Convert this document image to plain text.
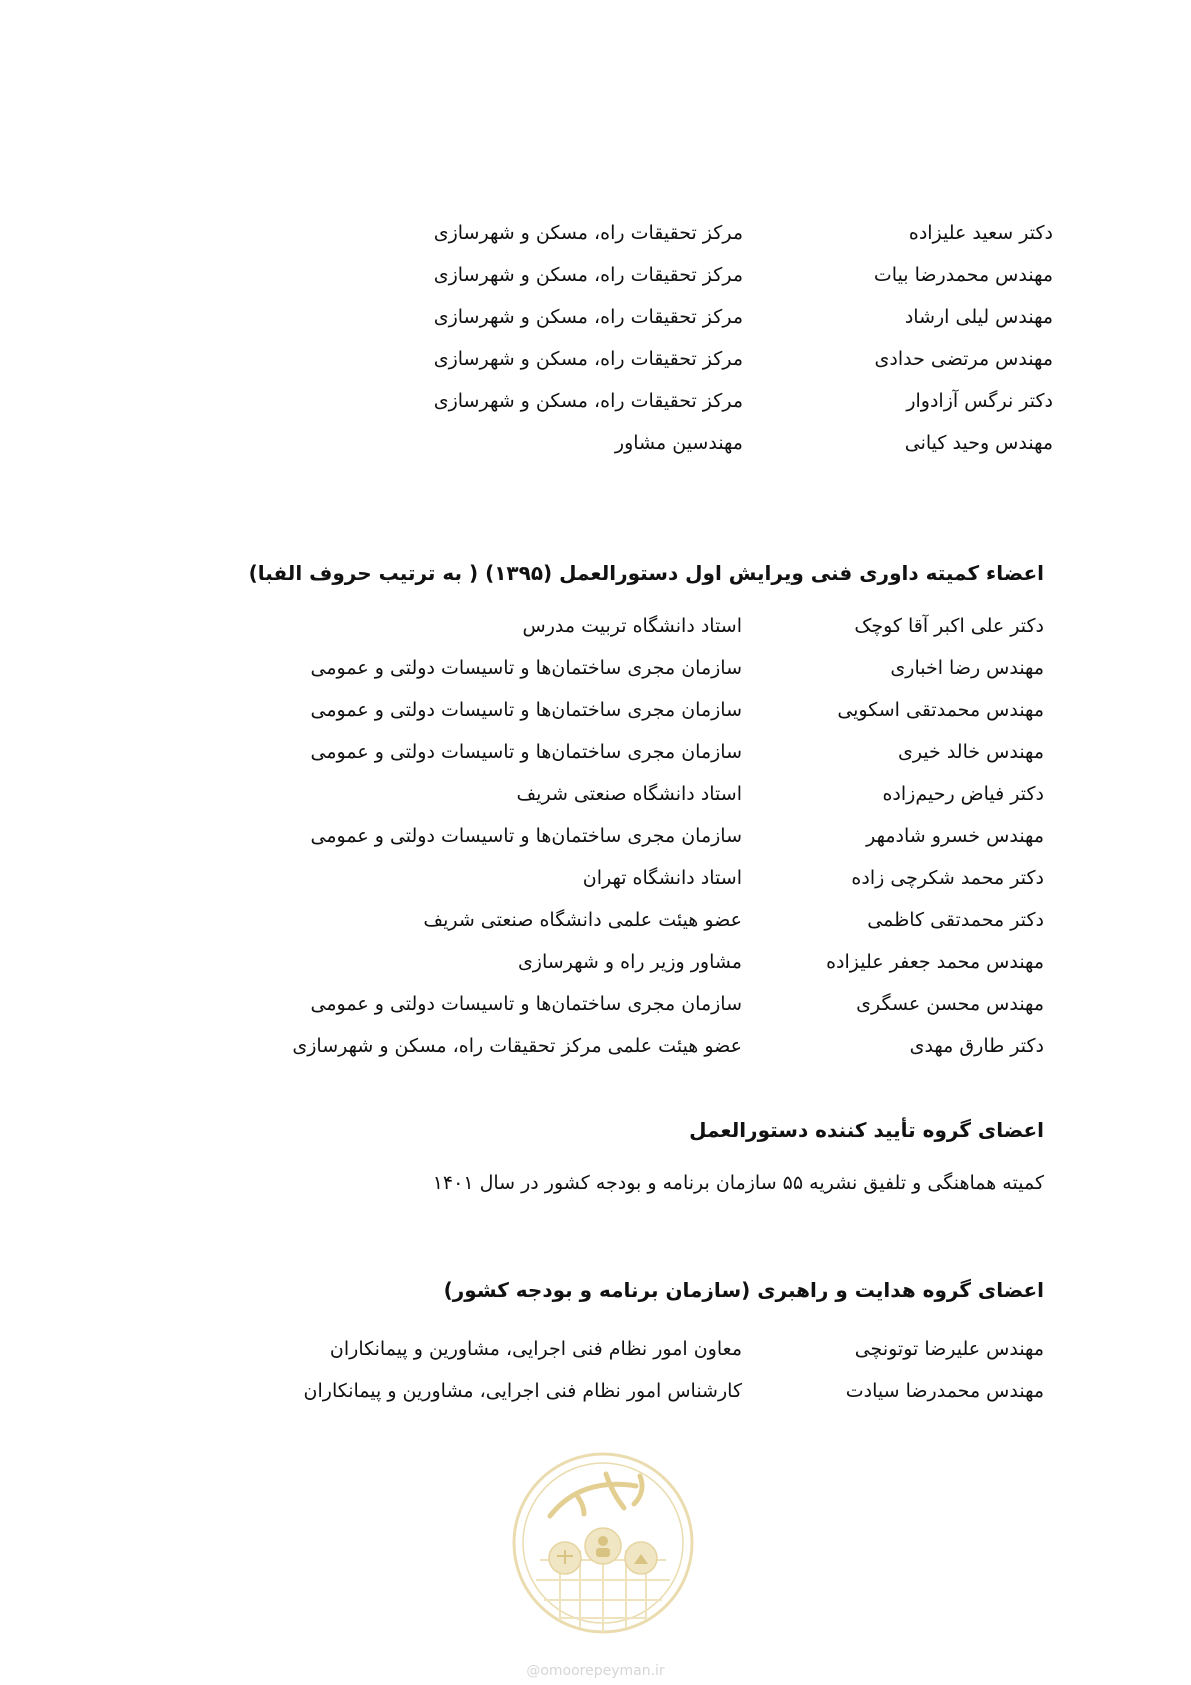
دکتر سعید علیزاده
مرکز تحقیقات راه، مسکن و شهرسازی
مهندس محمدرضا بیات
مرکز تحقیقات راه، مسکن و شهرسازی
مهندس لیلی ارشاد
مرکز تحقیقات راه، مسکن و شهرسازی
مهندس مرتضی حدادی
مرکز تحقیقات راه، مسکن و شهرسازی
دکتر نرگس آزادوار
مرکز تحقیقات راه، مسکن و شهرسازی
مهندس وحید کیانی
مهندسین مشاور
اعضاء کمیته داوری فنی ویرایش اول دستورالعمل (۱۳۹۵) ( به ترتیب حروف الفبا)
دکتر علی اکبر آقا کوچک
استاد دانشگاه تربیت مدرس
مهندس رضا اخباری
سازمان مجری ساختمان‌ها و تاسیسات دولتی و عمومی
مهندس محمدتقی اسکویی
سازمان مجری ساختمان‌ها و تاسیسات دولتی و عمومی
مهندس خالد خیری
سازمان مجری ساختمان‌ها و تاسیسات دولتی و عمومی
دکتر فیاض رحیم‌زاده
استاد دانشگاه صنعتی شریف
مهندس خسرو شادمهر
سازمان مجری ساختمان‌ها و تاسیسات دولتی و عمومی
دکتر محمد شکرچی زاده
استاد دانشگاه تهران
دکتر محمدتقی کاظمی
عضو هیئت علمی دانشگاه صنعتی شریف
مهندس محمد جعفر علیزاده
مشاور وزیر راه و شهرسازی
مهندس محسن عسگری
سازمان مجری ساختمان‌ها و تاسیسات دولتی و عمومی
دکتر طارق مهدی
عضو هیئت علمی مرکز تحقیقات راه، مسکن و شهرسازی
اعضای گروه تأیید کننده دستورالعمل
کمیته هماهنگی و تلفیق نشریه ۵۵ سازمان برنامه و بودجه کشور در سال ۱۴۰۱
اعضای گروه هدایت و راهبری (سازمان برنامه و بودجه کشور)
مهندس علیرضا توتونچی
معاون امور نظام فنی اجرایی، مشاورین و پیمانکاران
مهندس محمدرضا سیادت
کارشناس امور نظام فنی اجرایی، مشاورین و پیمانکاران
@omoorepeyman.ir
